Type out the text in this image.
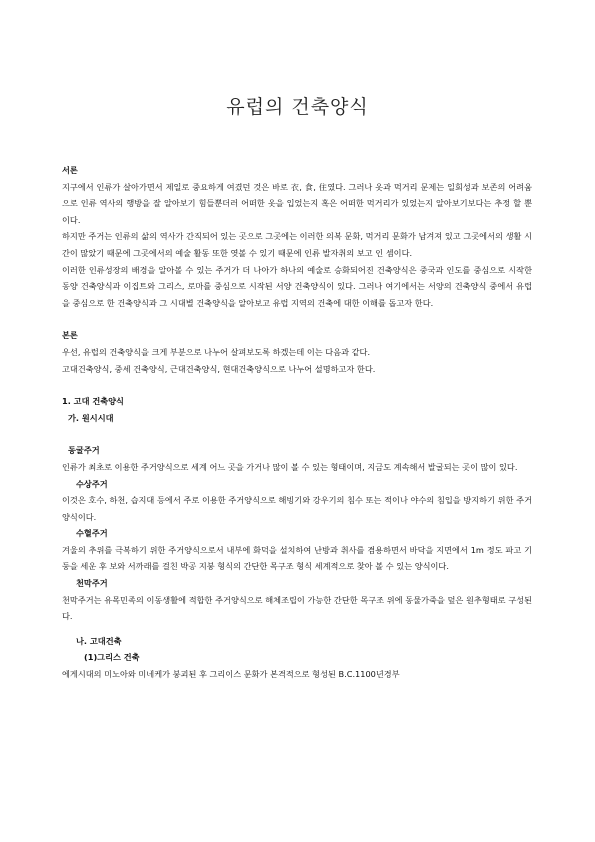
유럽의 건축양식
서론

지구에서 인류가 살아가면서 제일로 중요하게 여겼던 것은 바로 衣, 食, 住였다. 그러나 옷과 먹거리 문제는 일회성과 보존의 어려움으로 인류 역사의 행방을 잘 알아보기 힘들뿐더러 어떠한 옷을 입었는지 혹은 어떠한 먹거리가 있었는지 알아보기보다는 추정 할 뿐이다.

하지만 주거는 인류의 삶의 역사가 간직되어 있는 곳으로 그곳에는 이러한 의복 문화, 먹거리 문화가 남겨져 있고 그곳에서의 생활 시간이 많았기 때문에 그곳에서의 예술 활동 또한 엿볼 수 있기 때문에 인류 발자취의 보고 인 셈이다.

이러한 인류성장의 배경을 알아볼 수 있는 주거가 더 나아가 하나의 예술로 승화되어진 건축양식은 중국과 인도를 중심으로 시작한 동양 건축양식과 이집트와 그리스, 로마를 중심으로 시작된 서양 건축양식이 있다. 그러나 여기에서는 서양의 건축양식 중에서 유럽을 중심으로 한 건축양식과 그 시대별 건축양식을 알아보고 유럽 지역의 건축에 대한 이해를 돕고자 한다.

본론

우선, 유럽의 건축양식을 크게 부분으로 나누어 살펴보도록 하겠는데 이는 다음과 같다.

고대건축양식, 중세 건축양식, 근대건축양식, 현대건축양식으로 나누어 설명하고자 한다.

1. 고대 건축양식
가. 원시시대
동굴주거

인류가 최초로 이용한 주거양식으로 세계 어느 곳을 가거나 많이 볼 수 있는 형태이며, 지금도 계속해서 발굴되는 곳이 많이 있다.

수상주거

이것은 호수, 하천, 습지대 등에서 주로 이용한 주거양식으로 해빙기와 강우기의 침수 또는 적이나 야수의 침입을 방지하기 위한 주거양식이다.

수혈주거

겨울의 추위를 극복하기 위한 주거양식으로서 내부에 화덕을 설치하여 난방과 취사를 겸용하면서 바닥을 지면에서 1m 정도 파고 기둥을 세운 후 보와 서까래를 걸친 박공 지붕 형식의 간단한 목구조 형식 세계적으로 찾아 볼 수 있는 양식이다.

천막주거

천막주거는 유목민족의 이동생활에 적합한 주거양식으로 해체조립이 가능한 간단한 목구조 위에 동물가죽을 덮은 원추형태로 구성된다.

나. 고대건축
(1)그리스 건축

에게시대의 미노아와 미네케가 붕괴된 후 그리이스 문화가 본격적으로 형성된 B.C.1100년경부
